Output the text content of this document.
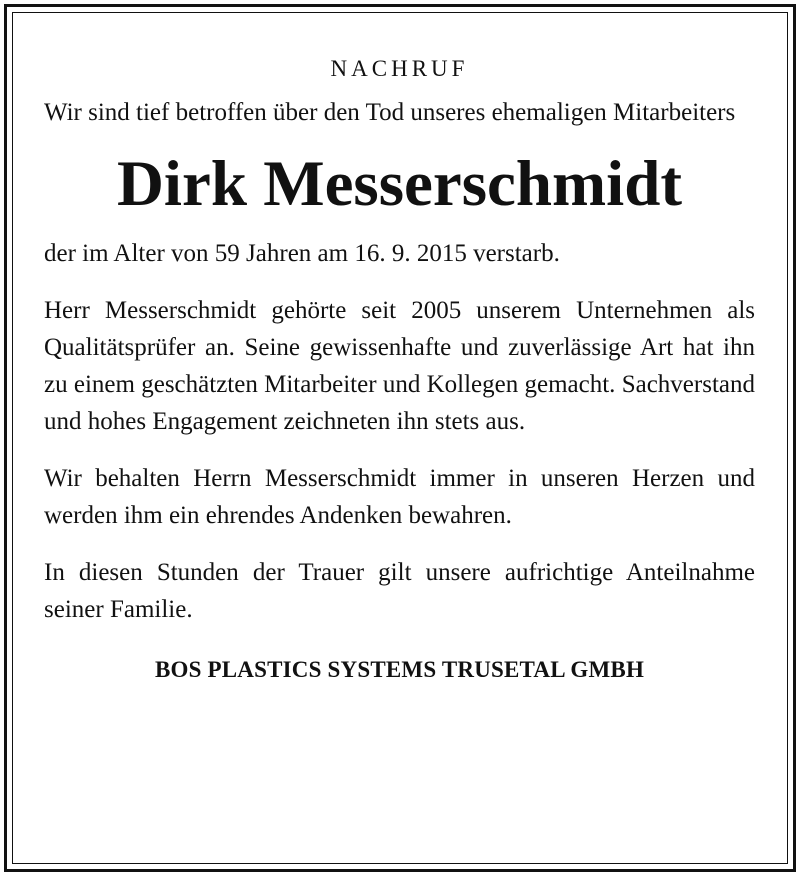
NACHRUF

Wir sind tief betroffen über den Tod unseres ehemaligen Mitarbeiters

Dirk Messerschmidt

der im Alter von 59 Jahren am 16. 9. 2015 verstarb.

Herr Messerschmidt gehörte seit 2005 unserem Unternehmen als Qualitätsprüfer an. Seine gewissenhafte und zuverlässige Art hat ihn zu einem geschätzten Mitarbeiter und Kollegen gemacht. Sachverstand und hohes Engagement zeichneten ihn stets aus.

Wir behalten Herrn Messerschmidt immer in unseren Herzen und werden ihm ein ehrendes Andenken bewahren.

In diesen Stunden der Trauer gilt unsere aufrichtige Anteilnahme seiner Familie.

BOS PLASTICS SYSTEMS TRUSETAL GMBH
